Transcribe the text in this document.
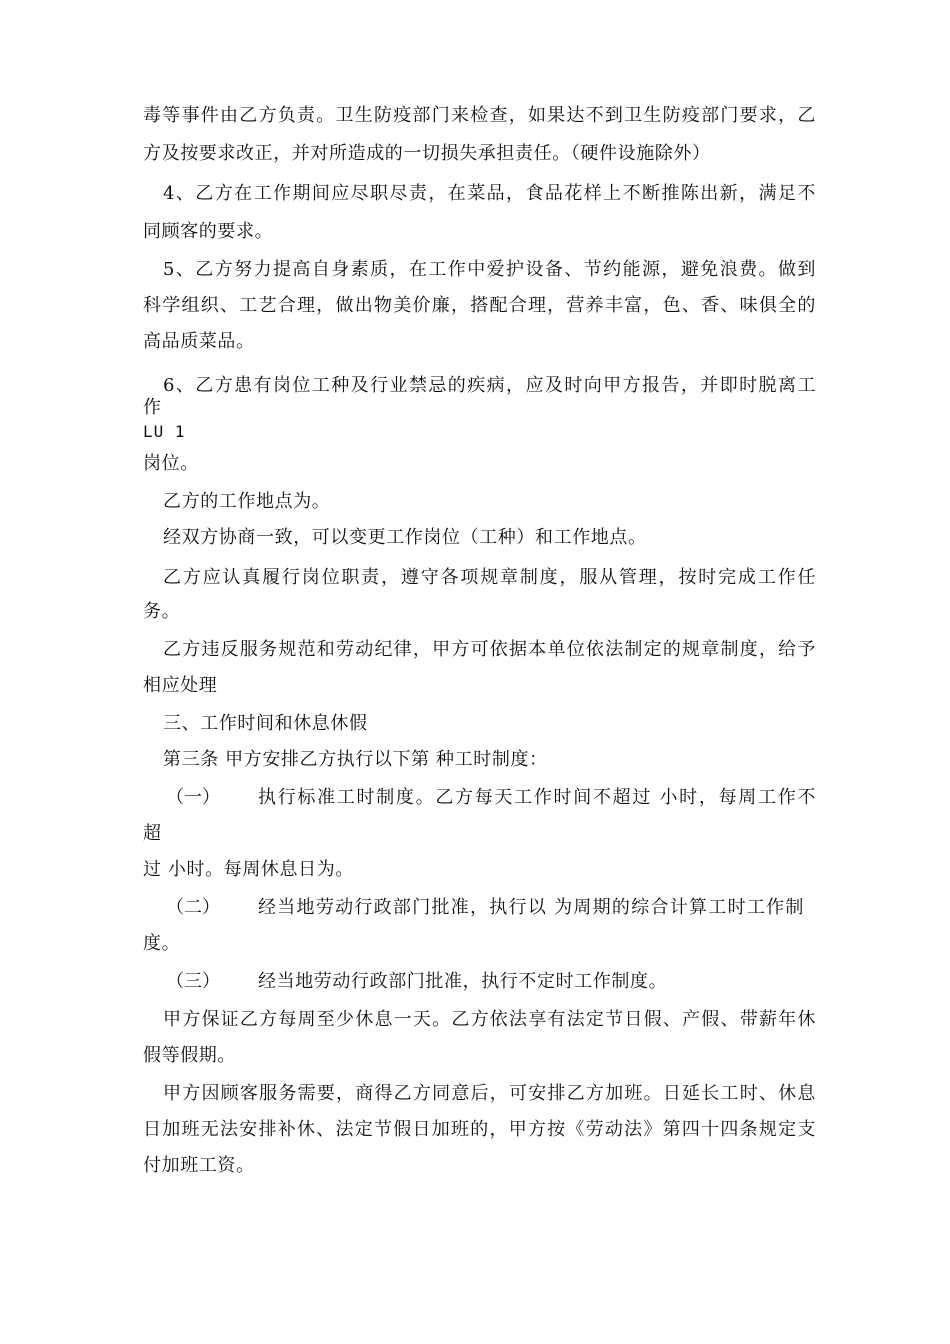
毒等事件由乙方负责。卫生防疫部门来检查，如果达不到卫生防疫部门要求，乙
方及按要求改正，并对所造成的一切损失承担责任。（硬件设施除外）
4、乙方在工作期间应尽职尽责，在菜品，食品花样上不断推陈出新，满足不
同顾客的要求。
5、乙方努力提高自身素质，在工作中爱护设备、节约能源，避免浪费。做到
科学组织、工艺合理，做出物美价廉，搭配合理，营养丰富，色、香、味俱全的
高品质菜品。
6、乙方患有岗位工种及行业禁忌的疾病，应及时向甲方报告，并即时脱离工
作
LU 1
岗位。
乙方的工作地点为。
经双方协商一致，可以变更工作岗位（工种）和工作地点。
乙方应认真履行岗位职责，遵守各项规章制度，服从管理，按时完成工作任
务。
乙方违反服务规范和劳动纪律，甲方可依据本单位依法制定的规章制度，给予
相应处理
三、工作时间和休息休假
第三条 甲方安排乙方执行以下第 种工时制度：
（一） 执行标准工时制度。乙方每天工作时间不超过 小时，每周工作不
超
过 小时。每周休息日为。
（二） 经当地劳动行政部门批准，执行以 为周期的综合计算工时工作制
度。
（三） 经当地劳动行政部门批准，执行不定时工作制度。
甲方保证乙方每周至少休息一天。乙方依法享有法定节日假、产假、带薪年休
假等假期。
甲方因顾客服务需要，商得乙方同意后，可安排乙方加班。日延长工时、休息
日加班无法安排补休、法定节假日加班的，甲方按《劳动法》第四十四条规定支
付加班工资。
